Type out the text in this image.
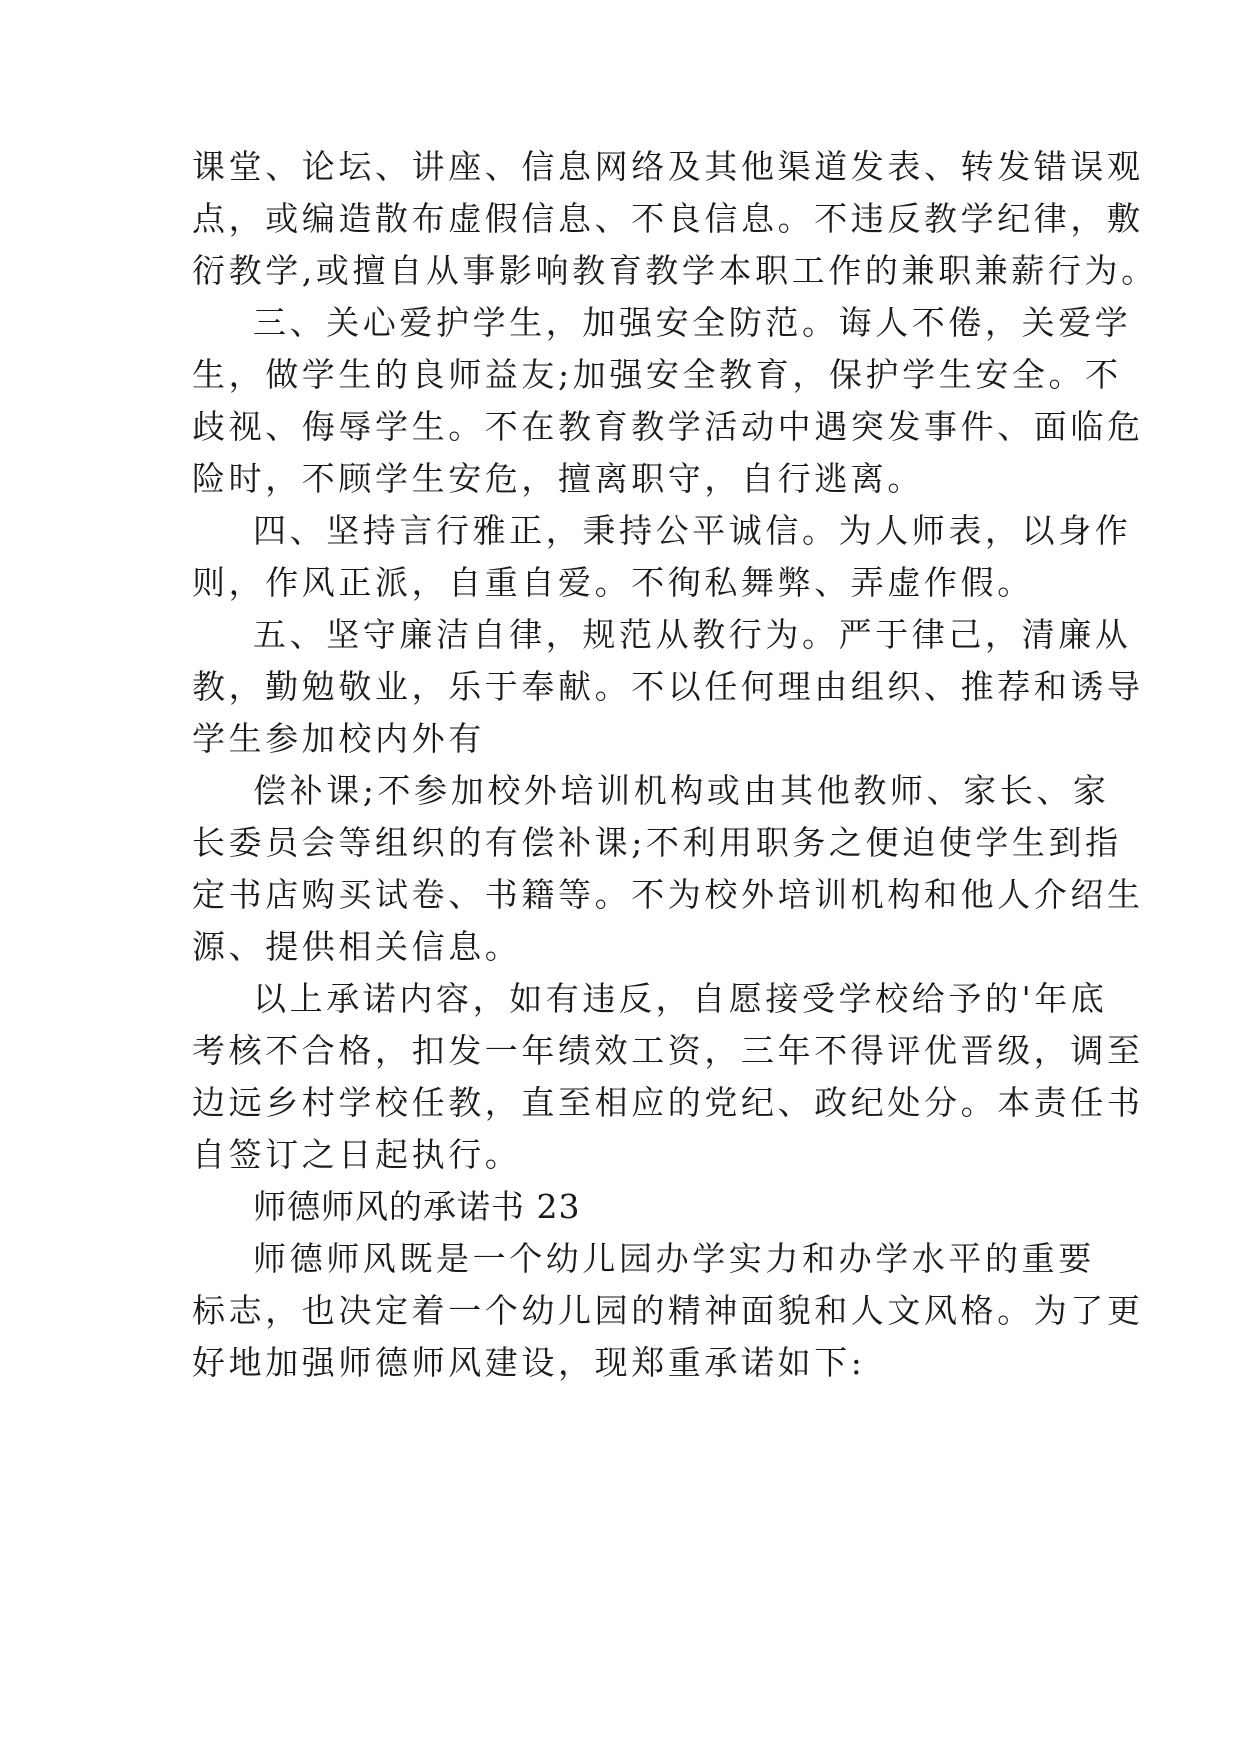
课堂、论坛、讲座、信息网络及其他渠道发表、转发错误观
点，或编造散布虚假信息、不良信息。不违反教学纪律，敷
衍教学,或擅自从事影响教育教学本职工作的兼职兼薪行为。
三、关心爱护学生，加强安全防范。诲人不倦，关爱学
生，做学生的良师益友;加强安全教育，保护学生安全。不
歧视、侮辱学生。不在教育教学活动中遇突发事件、面临危
险时，不顾学生安危，擅离职守，自行逃离。
四、坚持言行雅正，秉持公平诚信。为人师表，以身作
则，作风正派，自重自爱。不徇私舞弊、弄虚作假。
五、坚守廉洁自律，规范从教行为。严于律己，清廉从
教，勤勉敬业，乐于奉献。不以任何理由组织、推荐和诱导
学生参加校内外有
偿补课;不参加校外培训机构或由其他教师、家长、家
长委员会等组织的有偿补课;不利用职务之便迫使学生到指
定书店购买试卷、书籍等。不为校外培训机构和他人介绍生
源、提供相关信息。
以上承诺内容，如有违反，自愿接受学校给予的'年底
考核不合格，扣发一年绩效工资，三年不得评优晋级，调至
边远乡村学校任教，直至相应的党纪、政纪处分。本责任书
自签订之日起执行。
师德师风的承诺书 23
师德师风既是一个幼儿园办学实力和办学水平的重要
标志，也决定着一个幼儿园的精神面貌和人文风格。为了更
好地加强师德师风建设，现郑重承诺如下:
